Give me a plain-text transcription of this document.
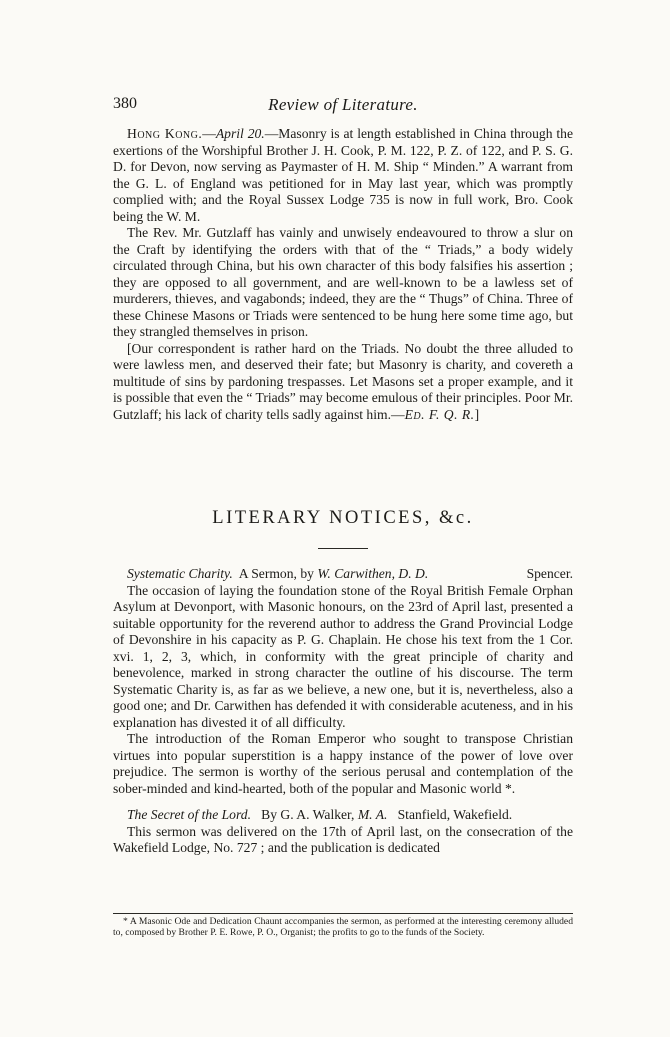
380	Review of Literature.

Hong Kong.—April 20.—Masonry is at length established in China through the exertions of the Worshipful Brother J. H. Cook, P. M. 122, P. Z. of 122, and P. S. G. D. for Devon, now serving as Paymaster of H. M. Ship “ Minden.” A warrant from the G. L. of England was petitioned for in May last year, which was promptly complied with; and the Royal Sussex Lodge 735 is now in full work, Bro. Cook being the W. M.

The Rev. Mr. Gutzlaff has vainly and unwisely endeavoured to throw a slur on the Craft by identifying the orders with that of the “ Triads,” a body widely circulated through China, but his own character of this body falsifies his assertion ; they are opposed to all government, and are well-known to be a lawless set of murderers, thieves, and vagabonds; indeed, they are the “ Thugs” of China. Three of these Chinese Masons or Triads were sentenced to be hung here some time ago, but they strangled themselves in prison.

[Our correspondent is rather hard on the Triads. No doubt the three alluded to were lawless men, and deserved their fate; but Masonry is charity, and covereth a multitude of sins by pardoning trespasses. Let Masons set a proper example, and it is possible that even the “ Triads” may become emulous of their principles. Poor Mr. Gutzlaff; his lack of charity tells sadly against him.—Ed. F. Q. R.]

LITERARY NOTICES, &c.

Systematic Charity. A Sermon, by W. Carwithen, D. D.	Spencer.

The occasion of laying the foundation stone of the Royal British Female Orphan Asylum at Devonport, with Masonic honours, on the 23rd of April last, presented a suitable opportunity for the reverend author to address the Grand Provincial Lodge of Devonshire in his capacity as P. G. Chaplain. He chose his text from the 1 Cor. xvi. 1, 2, 3, which, in conformity with the great principle of charity and benevolence, marked in strong character the outline of his discourse. The term Systematic Charity is, as far as we believe, a new one, but it is, nevertheless, also a good one; and Dr. Carwithen has defended it with considerable acuteness, and in his explanation has divested it of all difficulty.

The introduction of the Roman Emperor who sought to transpose Christian virtues into popular superstition is a happy instance of the power of love over prejudice. The sermon is worthy of the serious perusal and contemplation of the sober-minded and kind-hearted, both of the popular and Masonic world *.

The Secret of the Lord. By G. A. Walker, M. A. Stanfield, Wakefield.

This sermon was delivered on the 17th of April last, on the consecration of the Wakefield Lodge, No. 727 ; and the publication is dedicated

* A Masonic Ode and Dedication Chaunt accompanies the sermon, as performed at the interesting ceremony alluded to, composed by Brother P. E. Rowe, P. O., Organist; the profits to go to the funds of the Society.
